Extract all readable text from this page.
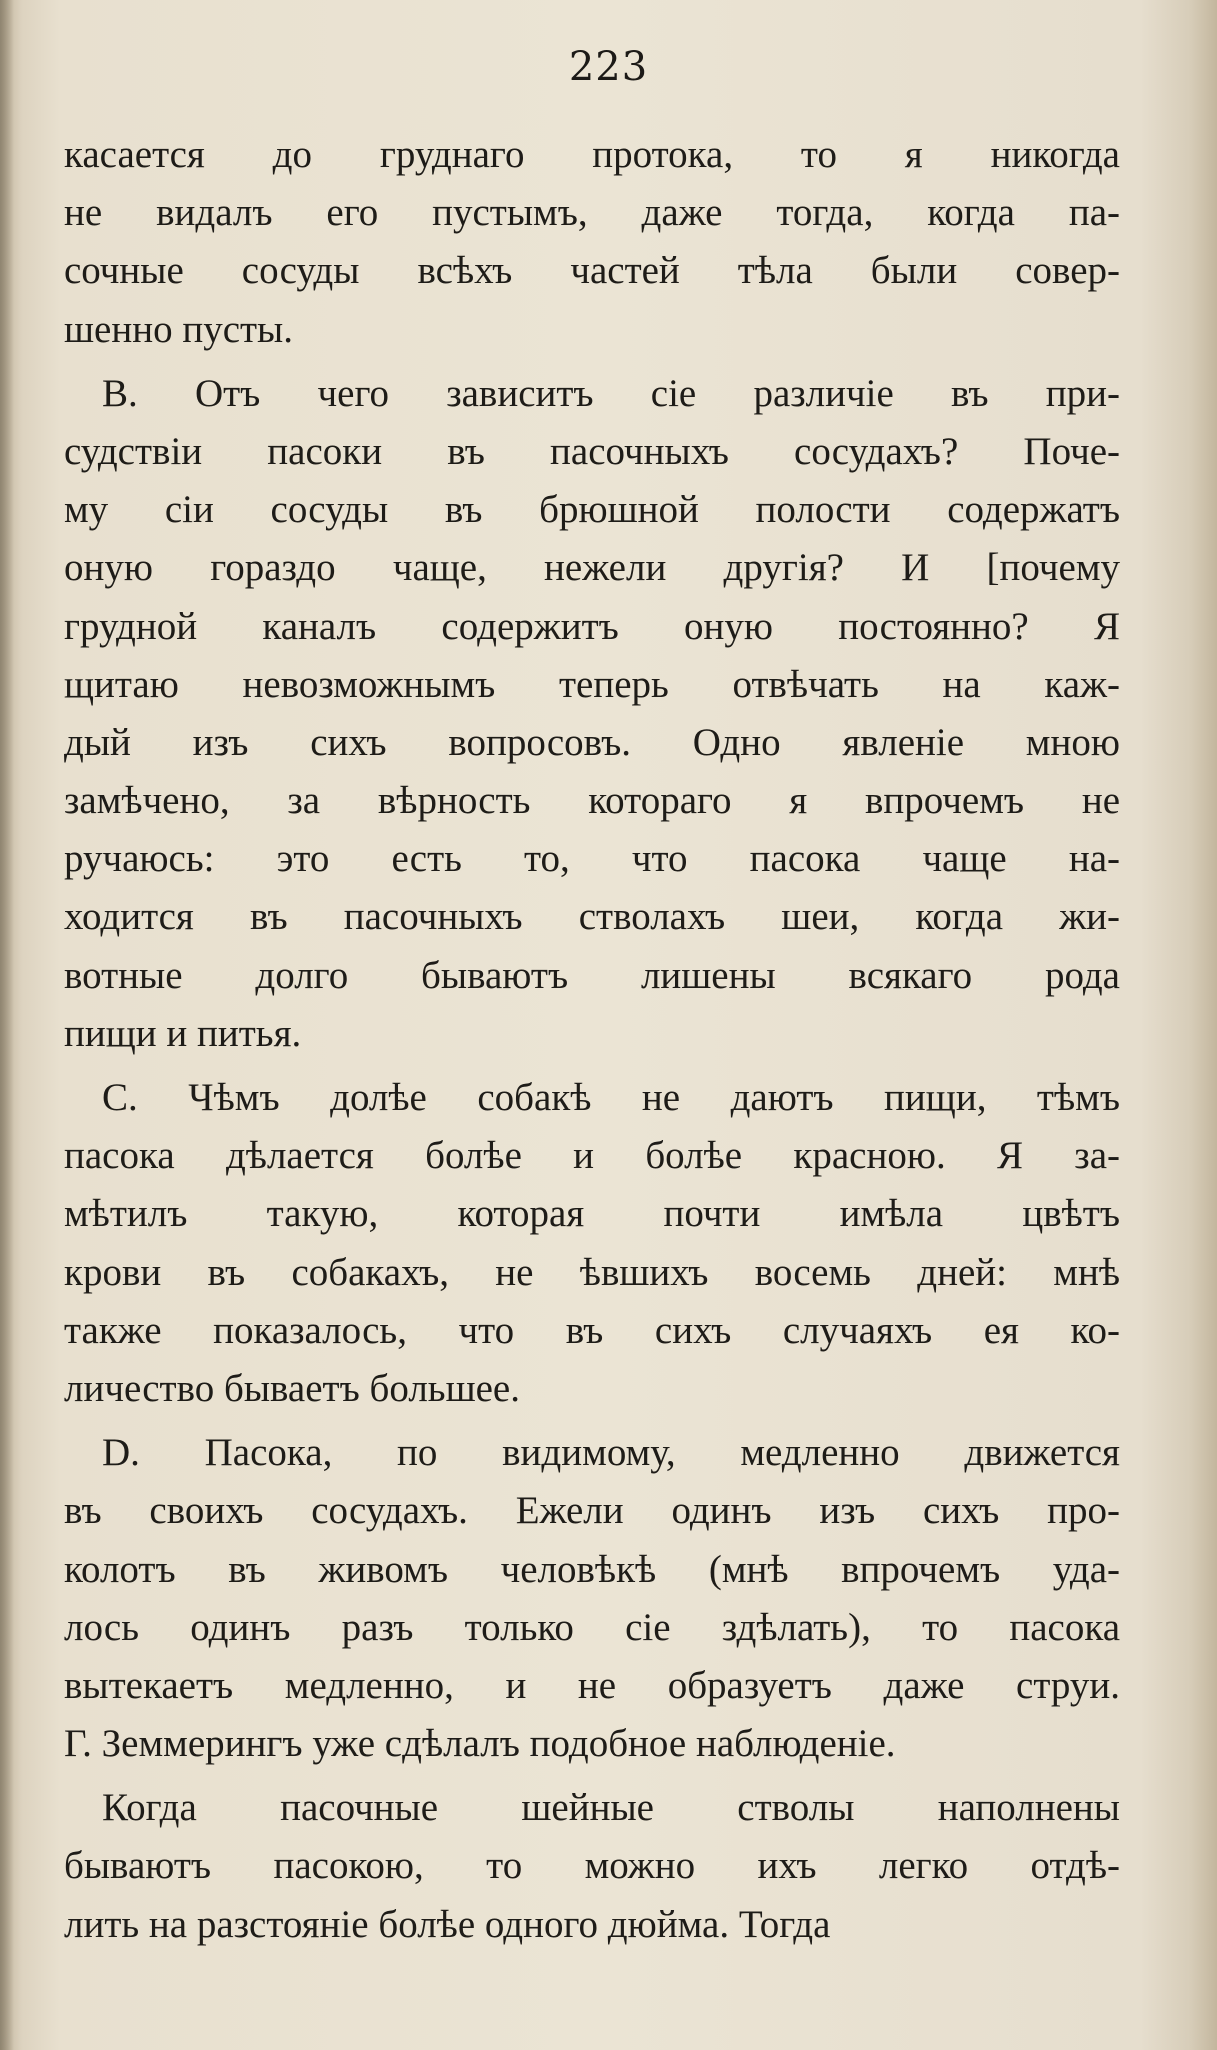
223
касается до груднаго протока, то я никогда
не видалъ его пустымъ, даже тогда, когда па-
сочные сосуды всѣхъ частей тѣла были совер-
шенно пусты.
B. Отъ чего зависитъ сіе различіе въ при-
судствіи пасоки въ пасочныхъ сосудахъ? Поче-
му сіи сосуды въ брюшной полости содержатъ
оную гораздо чаще, нежели другія? И [почему
грудной каналъ содержитъ оную постоянно? Я
щитаю невозможнымъ теперь отвѣчать на каж-
дый изъ сихъ вопросовъ. Одно явленіе мною
замѣчено, за вѣрность котораго я впрочемъ не
ручаюсь: это есть то, что пасока чаще на-
ходится въ пасочныхъ стволахъ шеи, когда жи-
вотные долго бываютъ лишены всякаго рода
пищи и питья.
C. Чѣмъ долѣе собакѣ не даютъ пищи, тѣмъ
пасока дѣлается болѣе и болѣе красною. Я за-
мѣтилъ такую, которая почти имѣла цвѣтъ
крови въ собакахъ, не ѣвшихъ восемь дней: мнѣ
также показалось, что въ сихъ случаяхъ ея ко-
личество бываетъ большее.
D. Пасока, по видимому, медленно движется
въ своихъ сосудахъ. Ежели одинъ изъ сихъ про-
колотъ въ живомъ человѣкѣ (мнѣ впрочемъ уда-
лось одинъ разъ только сіе здѣлать), то пасока
вытекаетъ медленно, и не образуетъ даже струи.
Г. Земмерингъ уже сдѣлалъ подобное наблюденіе.
Когда пасочные шейные стволы наполнены
бываютъ пасокою, то можно ихъ легко отдѣ-
лить на разстояніе болѣе одного дюйма. Тогда
